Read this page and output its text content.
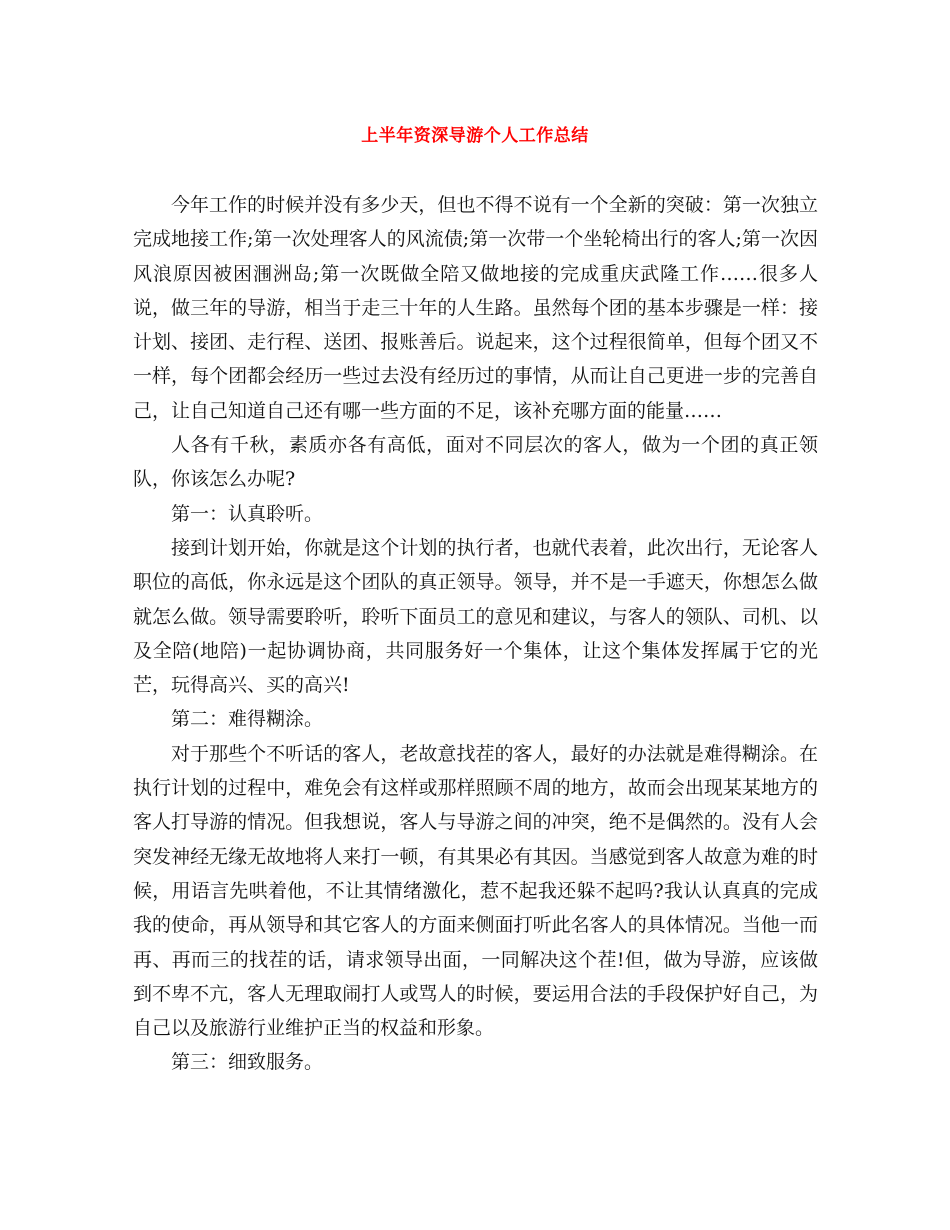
上半年资深导游个人工作总结

今年工作的时候并没有多少天，但也不得不说有一个全新的突破：第一次独立完成地接工作;第一次处理客人的风流债;第一次带一个坐轮椅出行的客人;第一次因风浪原因被困涠洲岛;第一次既做全陪又做地接的完成重庆武隆工作……很多人说，做三年的导游，相当于走三十年的人生路。虽然每个团的基本步骤是一样：接计划、接团、走行程、送团、报账善后。说起来，这个过程很简单，但每个团又不一样，每个团都会经历一些过去没有经历过的事情，从而让自己更进一步的完善自己，让自己知道自己还有哪一些方面的不足，该补充哪方面的能量……

人各有千秋，素质亦各有高低，面对不同层次的客人，做为一个团的真正领队，你该怎么办呢?

第一：认真聆听。

接到计划开始，你就是这个计划的执行者，也就代表着，此次出行，无论客人职位的高低，你永远是这个团队的真正领导。领导，并不是一手遮天，你想怎么做就怎么做。领导需要聆听，聆听下面员工的意见和建议，与客人的领队、司机、以及全陪(地陪)一起协调协商，共同服务好一个集体，让这个集体发挥属于它的光芒，玩得高兴、买的高兴!

第二：难得糊涂。

对于那些个不听话的客人，老故意找茬的客人，最好的办法就是难得糊涂。在执行计划的过程中，难免会有这样或那样照顾不周的地方，故而会出现某某地方的客人打导游的情况。但我想说，客人与导游之间的冲突，绝不是偶然的。没有人会突发神经无缘无故地将人来打一顿，有其果必有其因。当感觉到客人故意为难的时候，用语言先哄着他，不让其情绪激化，惹不起我还躲不起吗?我认认真真的完成我的使命，再从领导和其它客人的方面来侧面打听此名客人的具体情况。当他一而再、再而三的找茬的话，请求领导出面，一同解决这个茬!但，做为导游，应该做到不卑不亢，客人无理取闹打人或骂人的时候，要运用合法的手段保护好自己，为自己以及旅游行业维护正当的权益和形象。

第三：细致服务。
